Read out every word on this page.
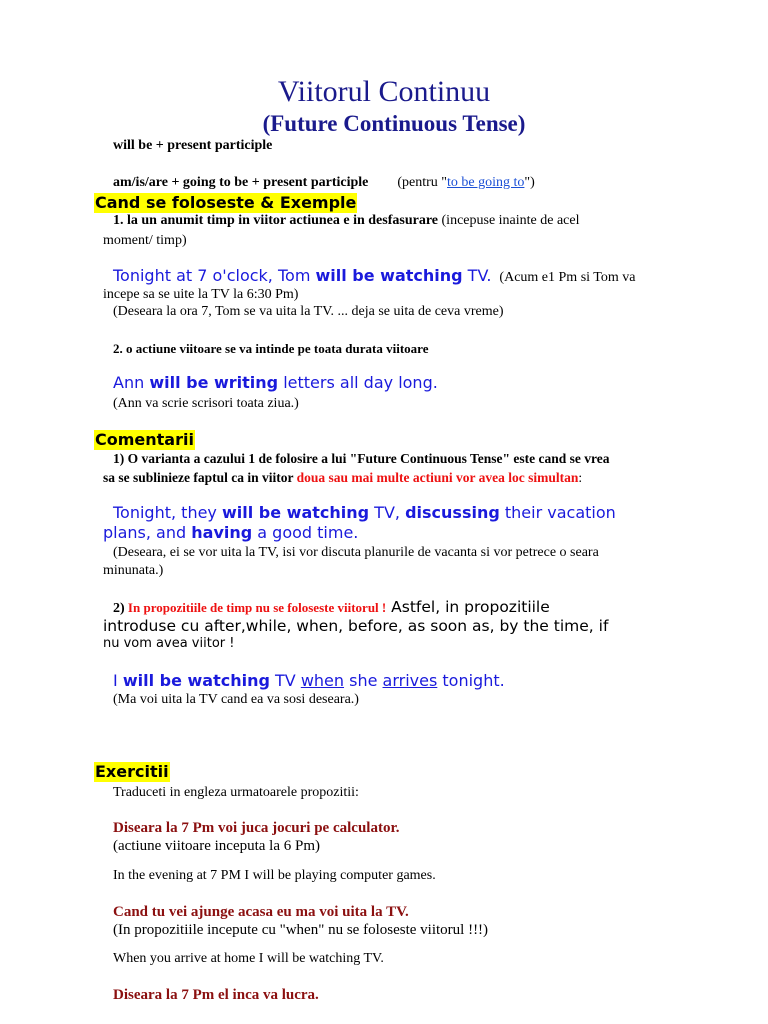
Viitorul Continuu
(Future Continuous Tense)
will be + present participle
am/is/are + going to be + present participle (pentru "to be going to")
Cand se foloseste & Exemple
1. la un anumit timp in viitor actiunea e in desfasurare (incepuse inainte de acel
moment/ timp)
Tonight at 7 o'clock, Tom will be watching TV. (Acum e1 Pm si Tom va
incepe sa se uite la TV la 6:30 Pm)
(Deseara la ora 7, Tom se va uita la TV. ... deja se uita de ceva vreme)
2. o actiune viitoare se va intinde pe toata durata viitoare
Ann will be writing letters all day long.
(Ann va scrie scrisori toata ziua.)
Comentarii
1) O varianta a cazului 1 de folosire a lui "Future Continuous Tense" este cand se vrea
sa se sublinieze faptul ca in viitor doua sau mai multe actiuni vor avea loc simultan:
Tonight, they will be watching TV, discussing their vacation
plans, and having a good time.
(Deseara, ei se vor uita la TV, isi vor discuta planurile de vacanta si vor petrece o seara
minunata.)
2) In propozitiile de timp nu se foloseste viitorul ! Astfel, in propozitiile
introduse cu after,while, when, before, as soon as, by the time, if
nu vom avea viitor !
I will be watching TV when she arrives tonight.
(Ma voi uita la TV cand ea va sosi deseara.)
Exercitii
Traduceti in engleza urmatoarele propozitii:
Diseara la 7 Pm voi juca jocuri pe calculator.
(actiune viitoare inceputa la 6 Pm)
In the evening at 7 PM I will be playing computer games.
Cand tu vei ajunge acasa eu ma voi uita la TV.
(In propozitiile incepute cu "when" nu se foloseste viitorul !!!)
When you arrive at home I will be watching TV.
Diseara la 7 Pm el inca va lucra.
